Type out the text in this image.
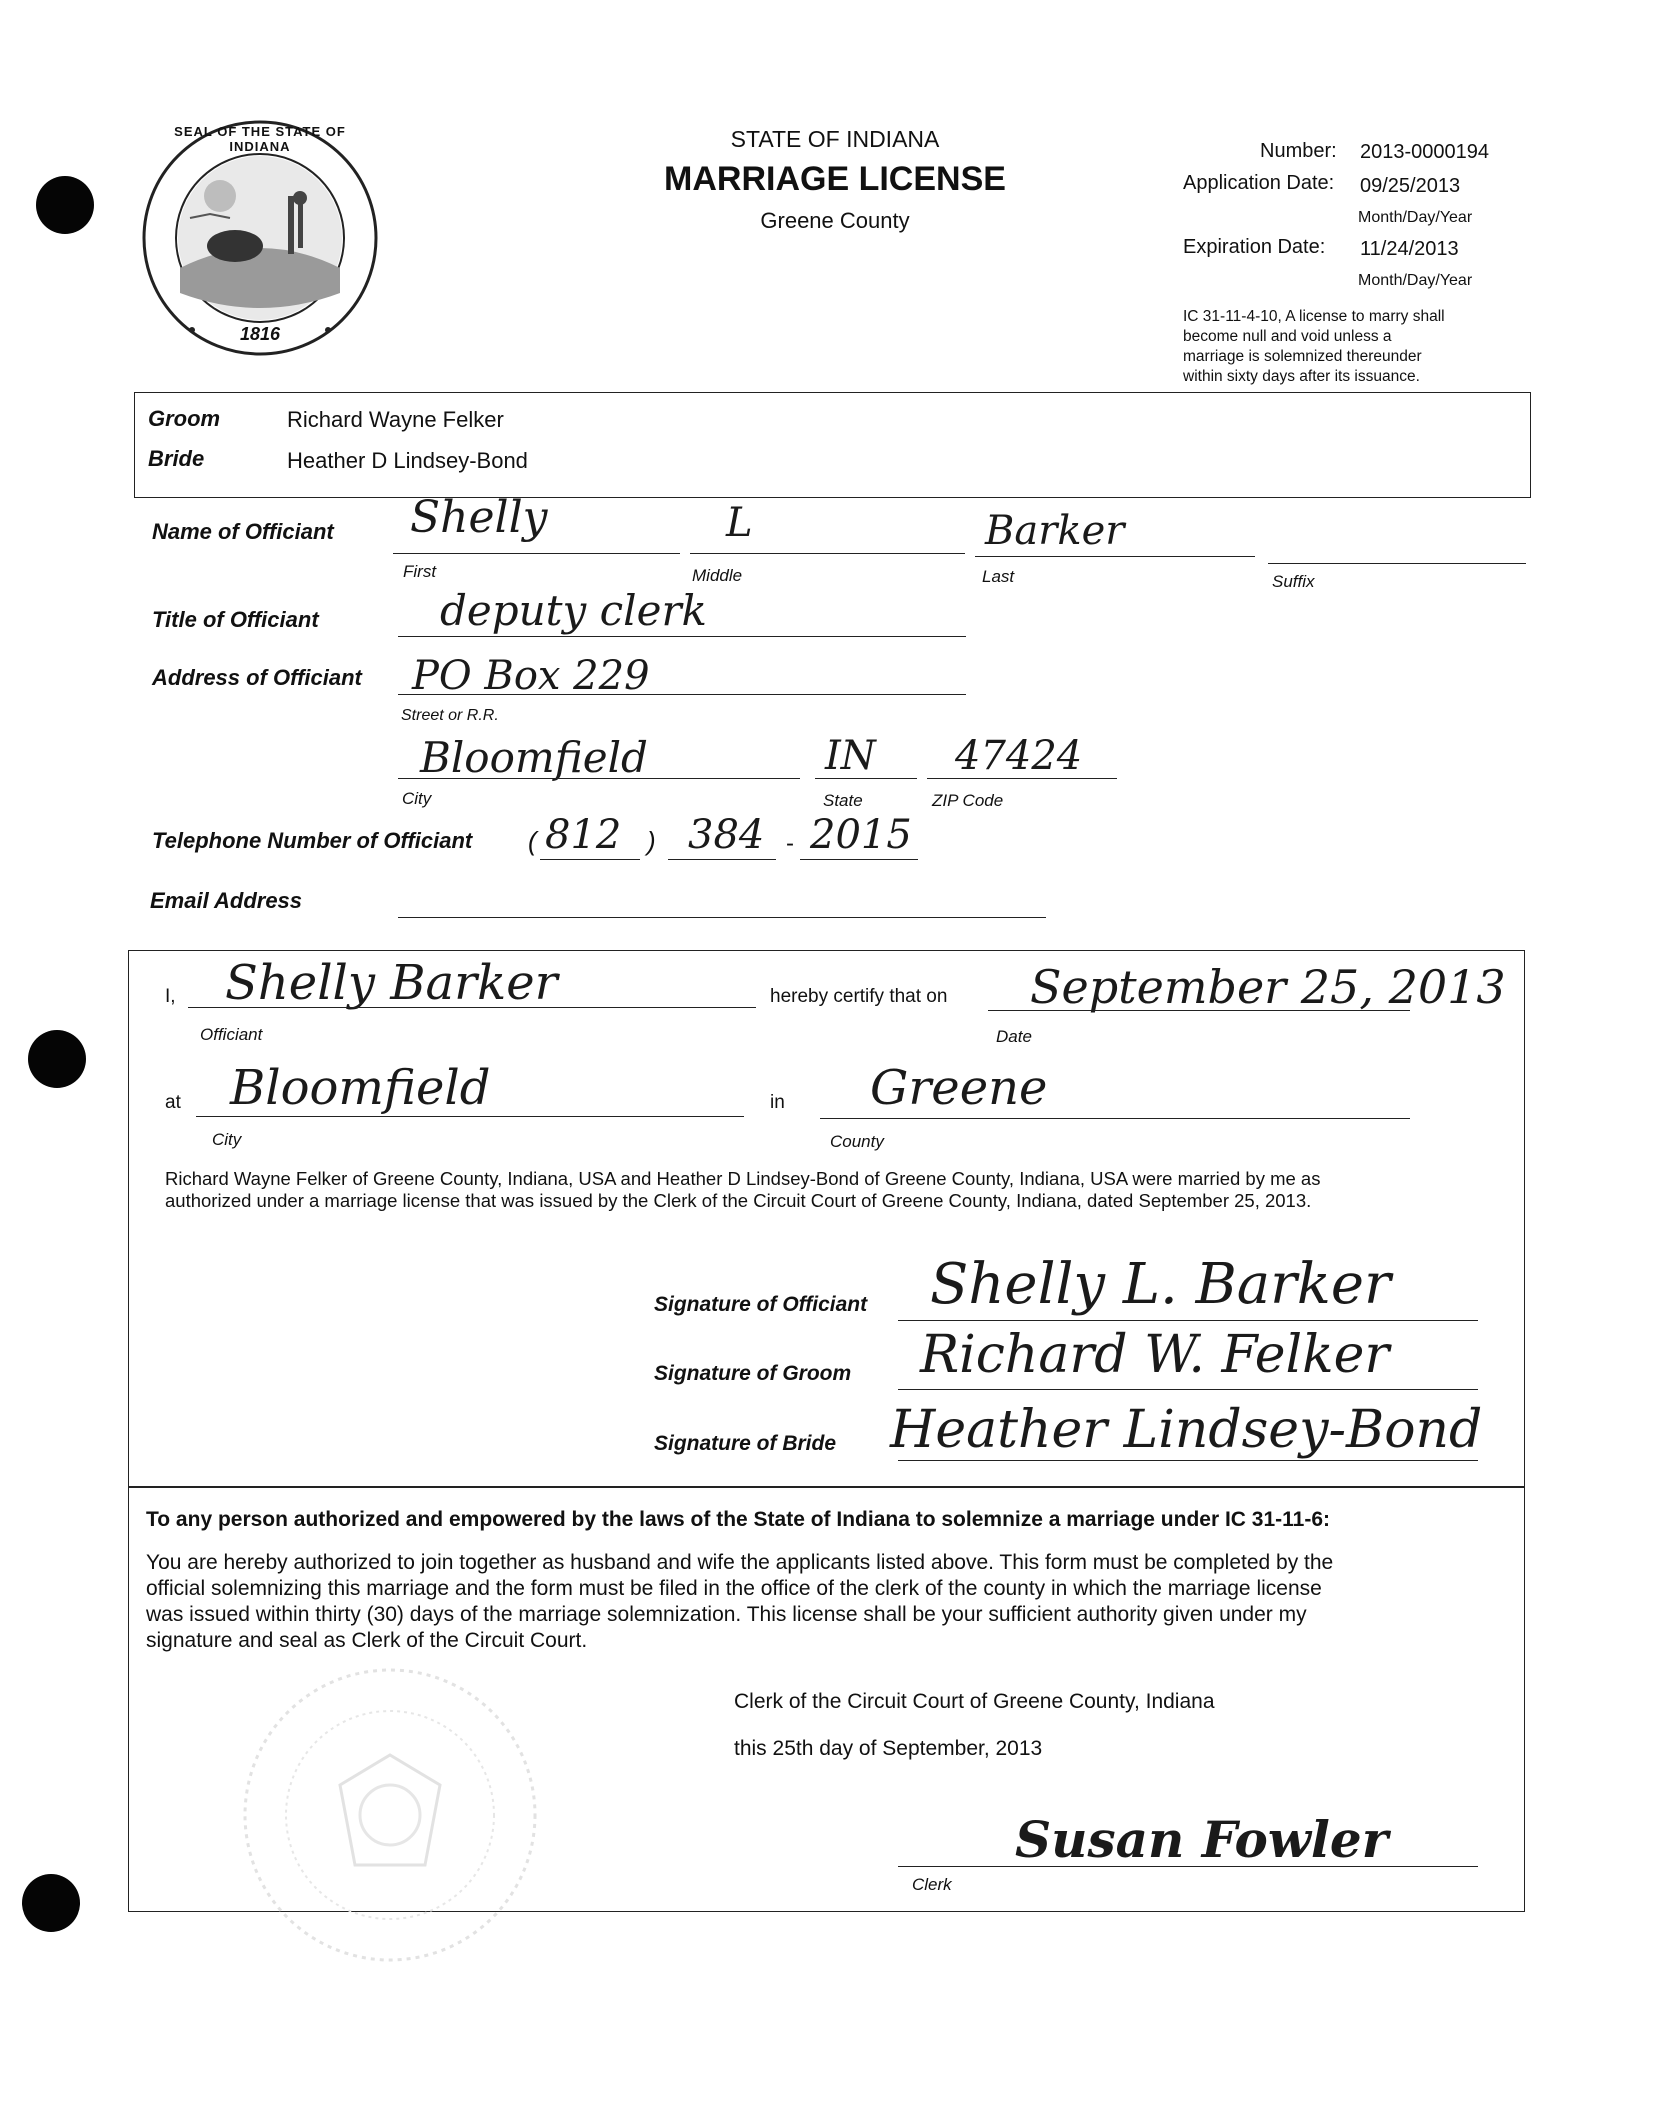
SEAL OF THE STATE OF INDIANA
1816
STATE OF INDIANA
MARRIAGE LICENSE
Greene County
Number: 2013-0000194
Application Date: 09/25/2013
Month/Day/Year
Expiration Date: 11/24/2013
Month/Day/Year
IC 31-11-4-10, A license to marry shall
become null and void unless a
marriage is solemnized thereunder
within sixty days after its issuance.
Groom	Richard Wayne Felker
Bride	Heather D Lindsey-Bond
Name of Officiant Shelly
First
L
Middle
Barker
Last	Suffix
Title of Officiant	deputy clerk
Address of Officiant PO Box 229
Street or R.R.
Bloomfield
City
IN
State
47424
ZIP Code
Telephone Number of Officiant ( 812 ) 384 - 2015
Email Address
I, Shelly Barker
Officiant
hereby certify that on September 25, 2013
Date
at Bloomfield
City
in Greene
County
Richard Wayne Felker of Greene County, Indiana, USA and Heather D Lindsey-Bond of Greene County, Indiana, USA were married by me as
authorized under a marriage license that was issued by the Clerk of the Circuit Court of Greene County, Indiana, dated September 25, 2013.
Signature of Officiant Shelly L. Barker
Signature of Groom Richard W. Felker
Signature of Bride Heather Lindsey-Bond
To any person authorized and empowered by the laws of the State of Indiana to solemnize a marriage under IC 31-11-6:
You are hereby authorized to join together as husband and wife the applicants listed above. This form must be completed by the
official solemnizing this marriage and the form must be filed in the office of the clerk of the county in which the marriage license
was issued within thirty (30) days of the marriage solemnization. This license shall be your sufficient authority given under my
signature and seal as Clerk of the Circuit Court.
Clerk of the Circuit Court of Greene County, Indiana
this 25th day of September, 2013
Susan Fowler
Clerk
